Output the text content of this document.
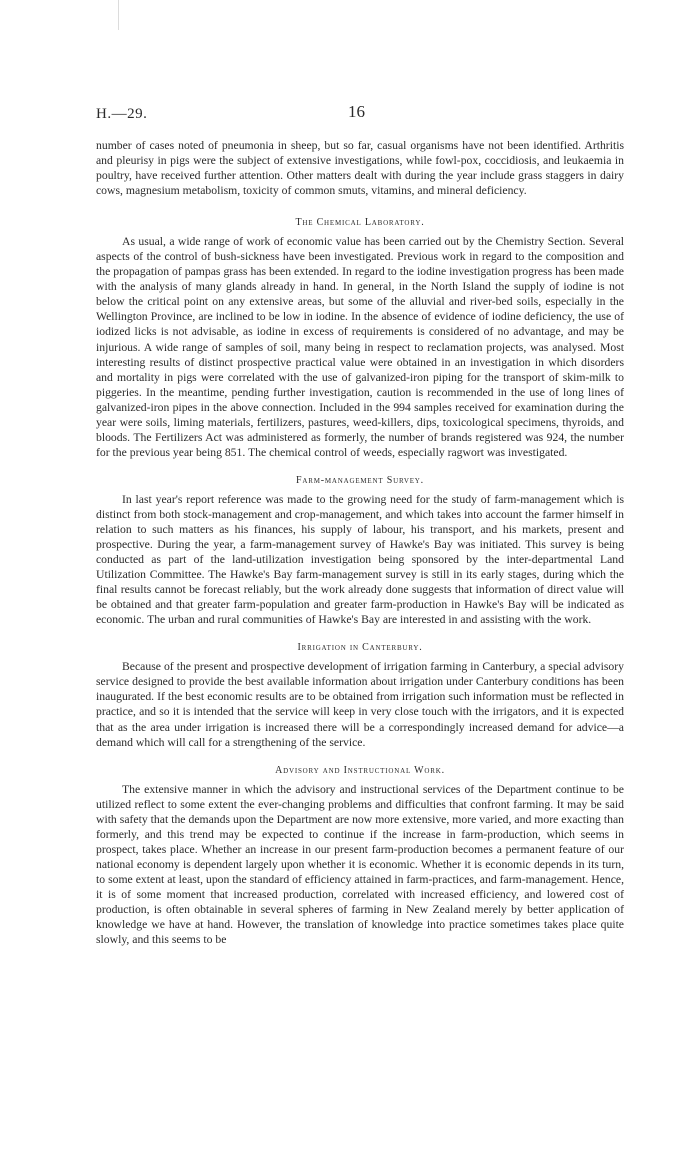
H.—29.	16

number of cases noted of pneumonia in sheep, but so far, casual organisms have not been identified. Arthritis and pleurisy in pigs were the subject of extensive investigations, while fowl-pox, coccidiosis, and leukaemia in poultry, have received further attention. Other matters dealt with during the year include grass staggers in dairy cows, magnesium metabolism, toxicity of common smuts, vitamins, and mineral deficiency.

The Chemical Laboratory.

As usual, a wide range of work of economic value has been carried out by the Chemistry Section. Several aspects of the control of bush-sickness have been investigated. Previous work in regard to the composition and the propagation of pampas grass has been extended. In regard to the iodine investigation progress has been made with the analysis of many glands already in hand. In general, in the North Island the supply of iodine is not below the critical point on any extensive areas, but some of the alluvial and river-bed soils, especially in the Wellington Province, are inclined to be low in iodine. In the absence of evidence of iodine deficiency, the use of iodized licks is not advisable, as iodine in excess of requirements is considered of no advantage, and may be injurious. A wide range of samples of soil, many being in respect to reclamation projects, was analysed. Most interesting results of distinct prospective practical value were obtained in an investigation in which disorders and mortality in pigs were correlated with the use of galvanized-iron piping for the transport of skim-milk to piggeries. In the meantime, pending further investigation, caution is recommended in the use of long lines of galvanized-iron pipes in the above connection. Included in the 994 samples received for examination during the year were soils, liming materials, fertilizers, pastures, weed-killers, dips, toxicological specimens, thyroids, and bloods. The Fertilizers Act was administered as formerly, the number of brands registered was 924, the number for the previous year being 851. The chemical control of weeds, especially ragwort was investigated.

Farm-management Survey.

In last year's report reference was made to the growing need for the study of farm-management which is distinct from both stock-management and crop-management, and which takes into account the farmer himself in relation to such matters as his finances, his supply of labour, his transport, and his markets, present and prospective. During the year, a farm-management survey of Hawke's Bay was initiated. This survey is being conducted as part of the land-utilization investigation being sponsored by the inter-departmental Land Utilization Committee. The Hawke's Bay farm-management survey is still in its early stages, during which the final results cannot be forecast reliably, but the work already done suggests that information of direct value will be obtained and that greater farm-population and greater farm-production in Hawke's Bay will be indicated as economic. The urban and rural communities of Hawke's Bay are interested in and assisting with the work.

Irrigation in Canterbury.

Because of the present and prospective development of irrigation farming in Canterbury, a special advisory service designed to provide the best available information about irrigation under Canterbury conditions has been inaugurated. If the best economic results are to be obtained from irrigation such information must be reflected in practice, and so it is intended that the service will keep in very close touch with the irrigators, and it is expected that as the area under irrigation is increased there will be a correspondingly increased demand for advice—a demand which will call for a strengthening of the service.

Advisory and Instructional Work.

The extensive manner in which the advisory and instructional services of the Department continue to be utilized reflect to some extent the ever-changing problems and difficulties that confront farming. It may be said with safety that the demands upon the Department are now more extensive, more varied, and more exacting than formerly, and this trend may be expected to continue if the increase in farm-production, which seems in prospect, takes place. Whether an increase in our present farm-production becomes a permanent feature of our national economy is dependent largely upon whether it is economic. Whether it is economic depends in its turn, to some extent at least, upon the standard of efficiency attained in farm-practices, and farm-management. Hence, it is of some moment that increased production, correlated with increased efficiency, and lowered cost of production, is often obtainable in several spheres of farming in New Zealand merely by better application of knowledge we have at hand. However, the translation of knowledge into practice sometimes takes place quite slowly, and this seems to be
